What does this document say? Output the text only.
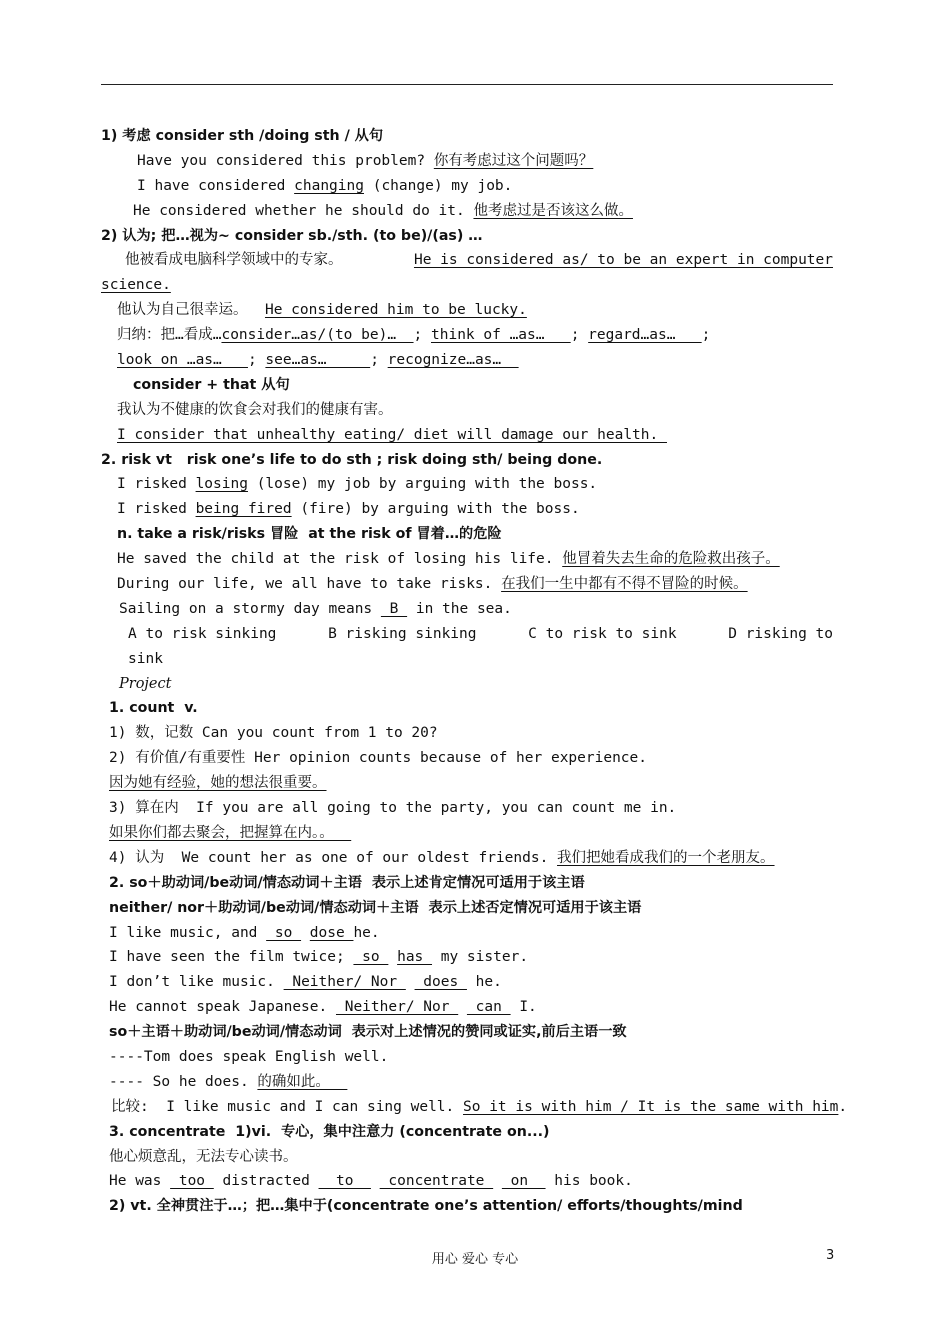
1) 考虑 consider sth /doing sth / 从句
Have you considered this problem? 你有考虑过这个问题吗？
I have considered changing (change) my job.
He considered whether he should do it. 他考虑过是否该这么做。
2) 认为; 把…视为~ consider sb./sth. (to be)/(as) …
他被看成电脑科学领域中的专家。	He is considered as/ to be an expert in computer
science.
他认为自己很幸运。  He considered him to be lucky.
归纳：把…看成…consider…as/(to be)…  ; think of …as…   ; regard…as…   ;
look on …as…   ; see…as…     ; recognize…as…
consider + that 从句
我认为不健康的饮食会对我们的健康有害。
I consider that unhealthy eating/ diet will damage our health.
2. risk vt   risk one’s life to do sth ; risk doing sth/ being done.
I risked losing (lose) my job by arguing with the boss.
I risked being fired (fire) by arguing with the boss.
n. take a risk/risks 冒险  at the risk of 冒着…的危险
He saved the child at the risk of losing his life. 他冒着失去生命的危险救出孩子。
During our life, we all have to take risks. 在我们一生中都有不得不冒险的时候。
Sailing on a stormy day means  B  in the sea.
A to risk sinking	B risking sinking	C to risk to sink	D risking to
sink
Project
1. count  v.
1) 数，记数 Can you count from 1 to 20?
2) 有价值/有重要性 Her opinion counts because of her experience.
因为她有经验，她的想法很重要。
3) 算在内  If you are all going to the party, you can count me in.
如果你们都去聚会，把握算在内。。
4) 认为  We count her as one of our oldest friends. 我们把她看成我们的一个老朋友。
2. so＋助动词/be动词/情态动词＋主语  表示上述肯定情况可适用于该主语
neither/ nor＋助动词/be动词/情态动词＋主语  表示上述否定情况可适用于该主语
I like music, and  so  dose he.
I have seen the film twice;  so  has  my sister.
I don’t like music.  Neither/ Nor   does  he.
He cannot speak Japanese.  Neither/ Nor   can  I.
so＋主语＋助动词/be动词/情态动词  表示对上述情况的赞同或证实,前后主语一致
----Tom does speak English well.
---- So he does. 的确如此。
比较:  I like music and I can sing well. So it is with him / It is the same with him.
3. concentrate  1)vi.  专心，集中注意力 (concentrate on...)
他心烦意乱，无法专心读书。
He was  too  distracted   to    concentrate   on   his book.
2) vt. 全神贯注于…；把…集中于(concentrate one’s attention/ efforts/thoughts/mind
用心 爱心 专心	3
